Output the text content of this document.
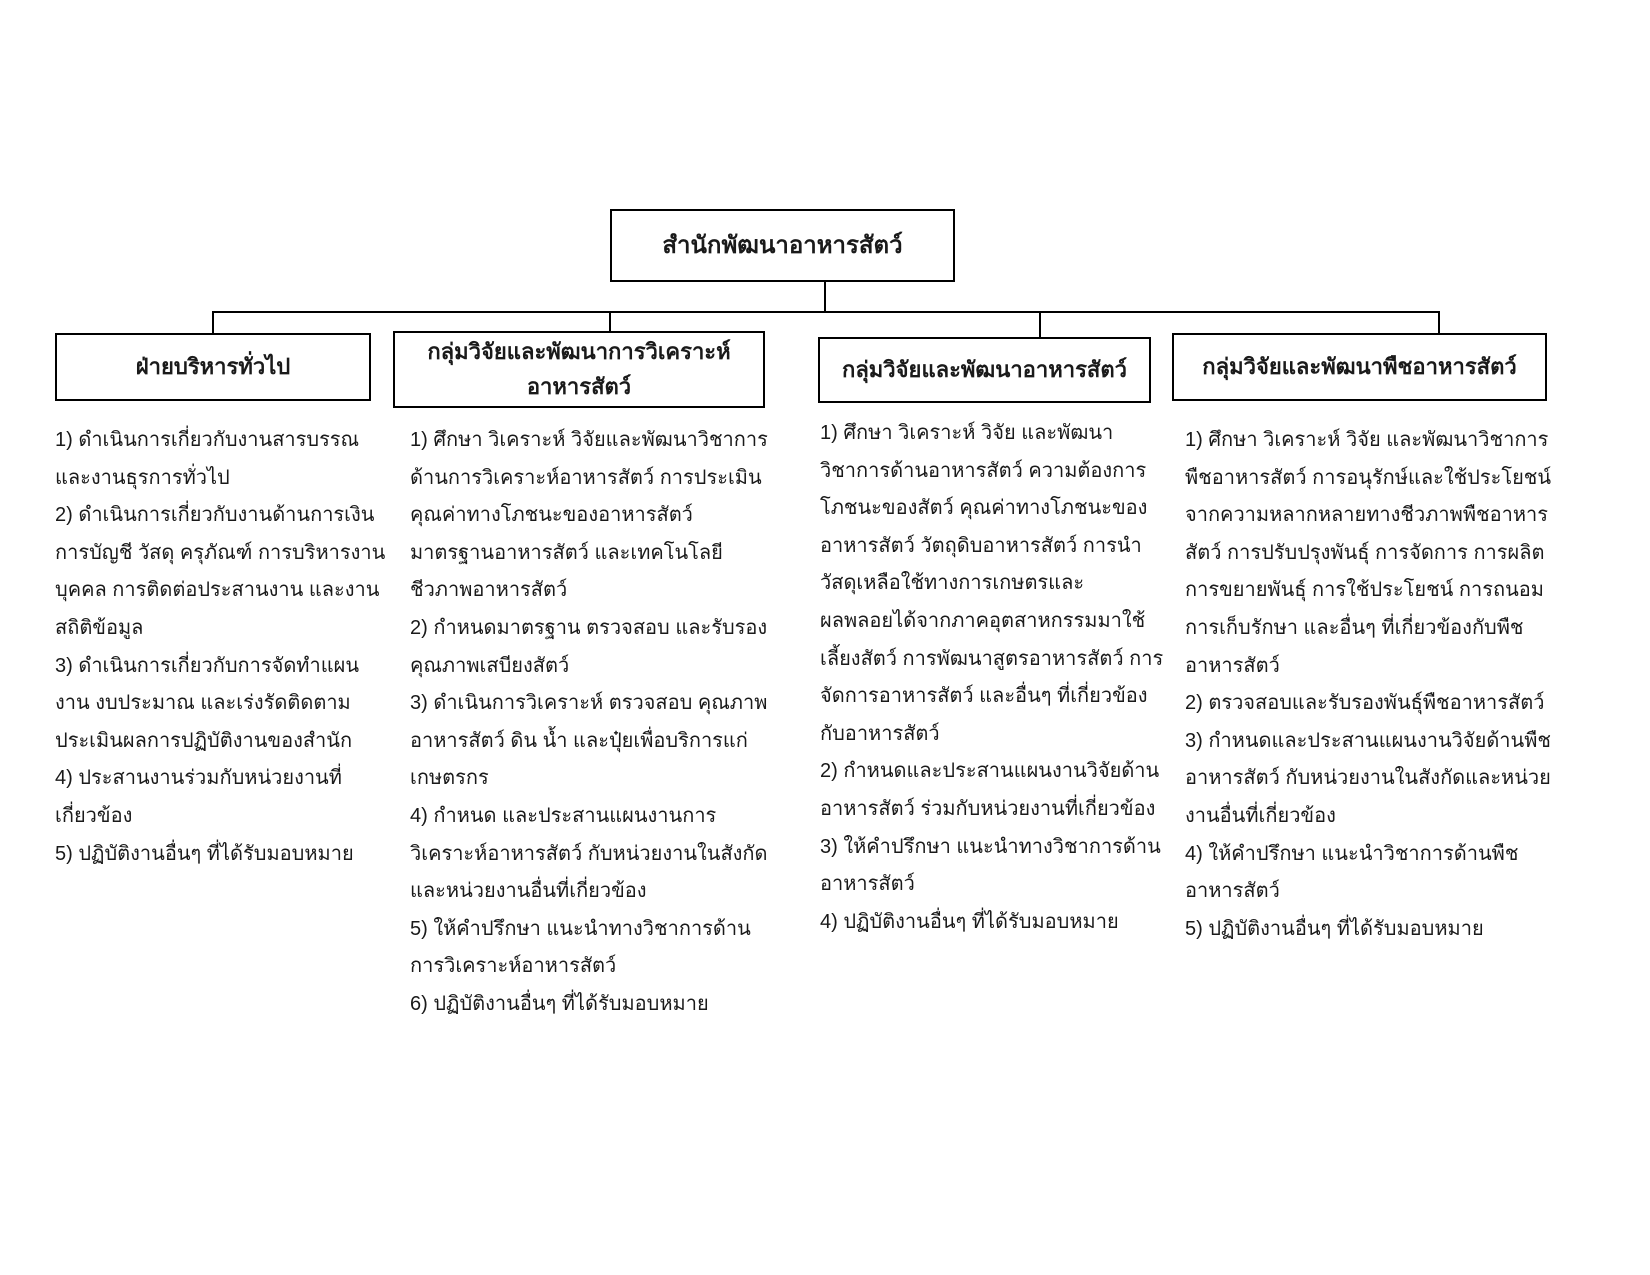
สำนักพัฒนาอาหารสัตว์
ฝ่ายบริหารทั่วไป
กลุ่มวิจัยและพัฒนาการวิเคราะห์อาหารสัตว์
กลุ่มวิจัยและพัฒนาอาหารสัตว์	กลุ่มวิจัยและพัฒนาพืชอาหารสัตว์

1) ดำเนินการเกี่ยวกับงานสารบรรณ และงานธุรการทั่วไป

2) ดำเนินการเกี่ยวกับงานด้านการเงิน การบัญชี วัสดุ ครุภัณฑ์ การบริหารงานบุคคล การติดต่อประสานงาน และงานสถิติข้อมูล

3) ดำเนินการเกี่ยวกับการจัดทำแผนงาน งบประมาณ และเร่งรัดติดตาม ประเมินผลการปฏิบัติงานของสำนัก

4) ประสานงานร่วมกับหน่วยงานที่เกี่ยวข้อง

5) ปฏิบัติงานอื่นๆ ที่ได้รับมอบหมาย

1) ศึกษา วิเคราะห์ วิจัยและพัฒนาวิชาการด้านการวิเคราะห์อาหารสัตว์ การประเมินคุณค่าทางโภชนะของอาหารสัตว์ มาตรฐานอาหารสัตว์ และเทคโนโลยีชีวภาพอาหารสัตว์

2) กำหนดมาตรฐาน ตรวจสอบ และรับรองคุณภาพเสบียงสัตว์

3) ดำเนินการวิเคราะห์ ตรวจสอบ คุณภาพอาหารสัตว์ ดิน น้ำ และปุ๋ยเพื่อบริการแก่เกษตรกร

4) กำหนด และประสานแผนงานการวิเคราะห์อาหารสัตว์ กับหน่วยงานในสังกัด และหน่วยงานอื่นที่เกี่ยวข้อง

5) ให้คำปรึกษา แนะนำทางวิชาการด้านการวิเคราะห์อาหารสัตว์

6) ปฏิบัติงานอื่นๆ ที่ได้รับมอบหมาย

1) ศึกษา วิเคราะห์ วิจัย และพัฒนาวิชาการด้านอาหารสัตว์ ความต้องการโภชนะของสัตว์ คุณค่าทางโภชนะของอาหารสัตว์ วัตถุดิบอาหารสัตว์ การนำวัสดุเหลือใช้ทางการเกษตรและผลพลอยได้จากภาคอุตสาหกรรมมาใช้เลี้ยงสัตว์ การพัฒนาสูตรอาหารสัตว์ การจัดการอาหารสัตว์ และอื่นๆ ที่เกี่ยวข้องกับอาหารสัตว์

2) กำหนดและประสานแผนงานวิจัยด้านอาหารสัตว์ ร่วมกับหน่วยงานที่เกี่ยวข้อง

3) ให้คำปรึกษา แนะนำทางวิชาการด้านอาหารสัตว์

4) ปฏิบัติงานอื่นๆ ที่ได้รับมอบหมาย

1) ศึกษา วิเคราะห์ วิจัย และพัฒนาวิชาการพืชอาหารสัตว์ การอนุรักษ์และใช้ประโยชน์จากความหลากหลายทางชีวภาพพืชอาหารสัตว์ การปรับปรุงพันธุ์ การจัดการ การผลิต การขยายพันธุ์ การใช้ประโยชน์ การถนอม การเก็บรักษา และอื่นๆ ที่เกี่ยวข้องกับพืชอาหารสัตว์

2) ตรวจสอบและรับรองพันธุ์พืชอาหารสัตว์

3) กำหนดและประสานแผนงานวิจัยด้านพืชอาหารสัตว์ กับหน่วยงานในสังกัดและหน่วยงานอื่นที่เกี่ยวข้อง

4) ให้คำปรึกษา แนะนำวิชาการด้านพืชอาหารสัตว์

5) ปฏิบัติงานอื่นๆ ที่ได้รับมอบหมาย
